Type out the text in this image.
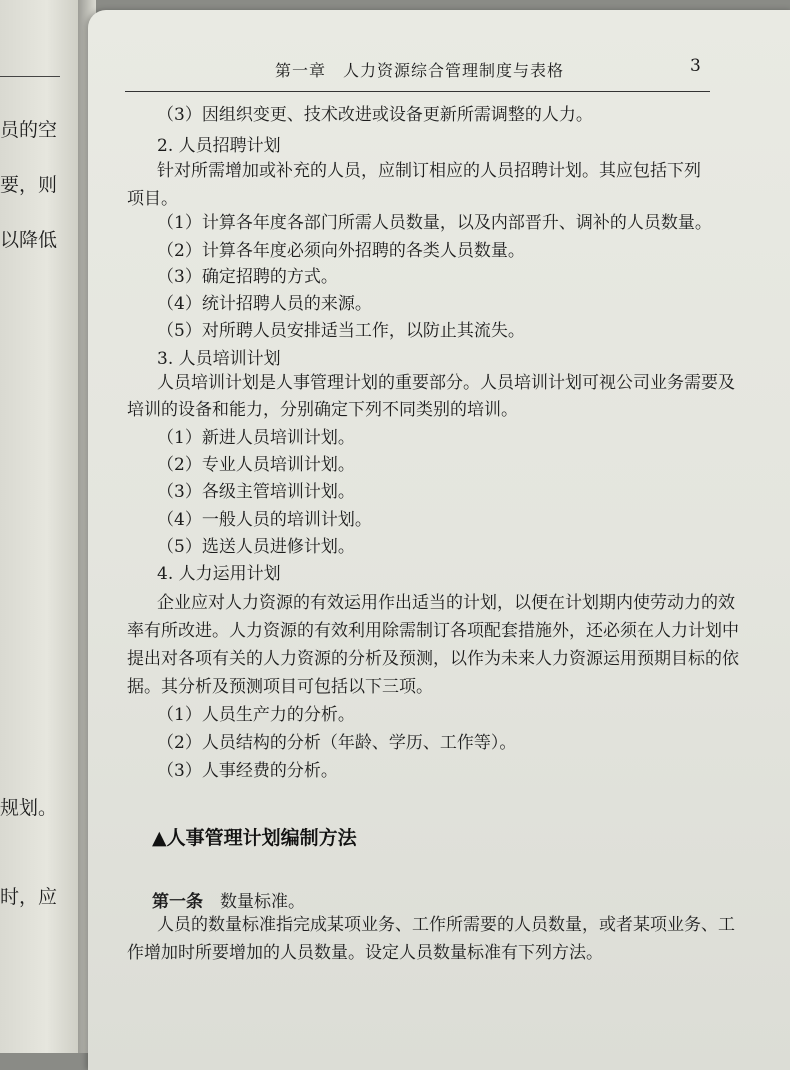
员的空
要，则
以降低
规划。
时，应
第一章　人力资源综合管理制度与表格	3
（3）因组织变更、技术改进或设备更新所需调整的人力。
2. 人员招聘计划
针对所需增加或补充的人员，应制订相应的人员招聘计划。其应包括下列
项目。
（1）计算各年度各部门所需人员数量，以及内部晋升、调补的人员数量。
（2）计算各年度必须向外招聘的各类人员数量。
（3）确定招聘的方式。
（4）统计招聘人员的来源。
（5）对所聘人员安排适当工作，以防止其流失。
3. 人员培训计划
人员培训计划是人事管理计划的重要部分。人员培训计划可视公司业务需要及
培训的设备和能力，分别确定下列不同类别的培训。
（1）新进人员培训计划。
（2）专业人员培训计划。
（3）各级主管培训计划。
（4）一般人员的培训计划。
（5）选送人员进修计划。
4. 人力运用计划
企业应对人力资源的有效运用作出适当的计划，以便在计划期内使劳动力的效
率有所改进。人力资源的有效利用除需制订各项配套措施外，还必须在人力计划中
提出对各项有关的人力资源的分析及预测，以作为未来人力资源运用预期目标的依
据。其分析及预测项目可包括以下三项。
（1）人员生产力的分析。
（2）人员结构的分析（年龄、学历、工作等）。
（3）人事经费的分析。
▲人事管理计划编制方法
第一条　 数量标准。
人员的数量标准指完成某项业务、工作所需要的人员数量，或者某项业务、工
作增加时所要增加的人员数量。设定人员数量标准有下列方法。
